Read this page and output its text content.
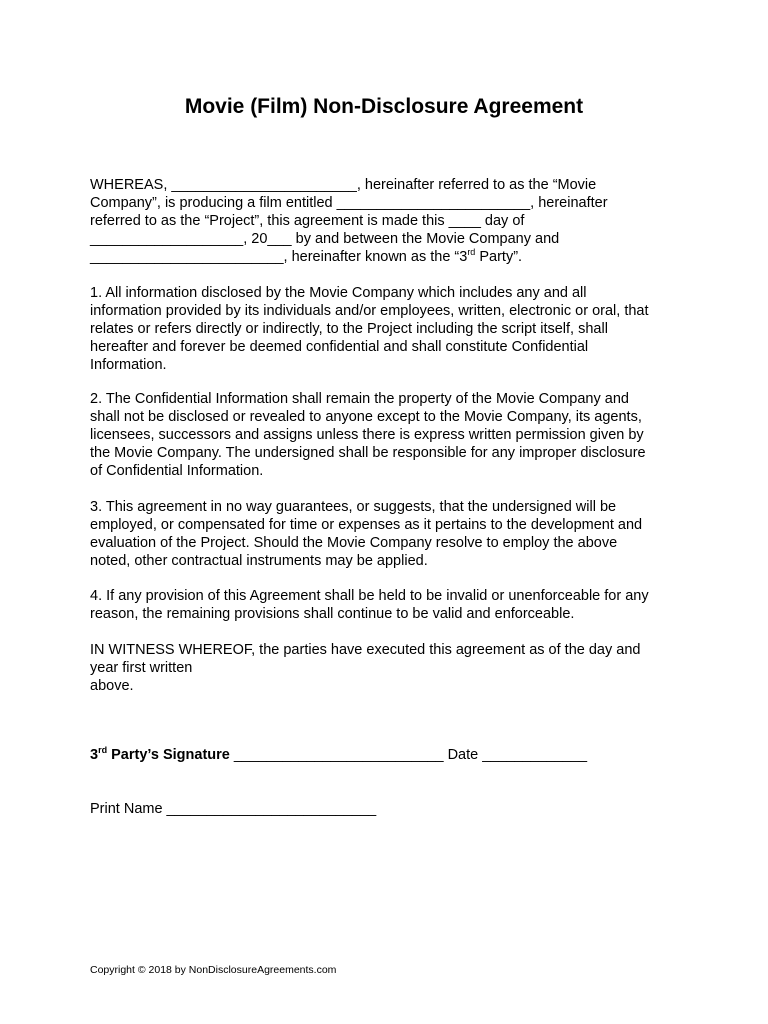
Movie (Film) Non-Disclosure Agreement
WHEREAS, _______________________, hereinafter referred to as the “Movie
Company”, is producing a film entitled ________________________, hereinafter
referred to as the “Project”, this agreement is made this ____ day of
___________________, 20___ by and between the Movie Company and
________________________, hereinafter known as the “3rd Party”.
1. All information disclosed by the Movie Company which includes any and all
information provided by its individuals and/or employees, written, electronic or oral, that
relates or refers directly or indirectly, to the Project including the script itself, shall
hereafter and forever be deemed confidential and shall constitute Confidential
Information.
2. The Confidential Information shall remain the property of the Movie Company and
shall not be disclosed or revealed to anyone except to the Movie Company, its agents,
licensees, successors and assigns unless there is express written permission given by
the Movie Company. The undersigned shall be responsible for any improper disclosure
of Confidential Information.
3. This agreement in no way guarantees, or suggests, that the undersigned will be
employed, or compensated for time or expenses as it pertains to the development and
evaluation of the Project. Should the Movie Company resolve to employ the above
noted, other contractual instruments may be applied.
4. If any provision of this Agreement shall be held to be invalid or unenforceable for any
reason, the remaining provisions shall continue to be valid and enforceable.
IN WITNESS WHEREOF, the parties have executed this agreement as of the day and
year first written
above.
3rd Party’s Signature __________________________ Date _____________
Print Name __________________________
Copyright © 2018 by NonDisclosureAgreements.com
